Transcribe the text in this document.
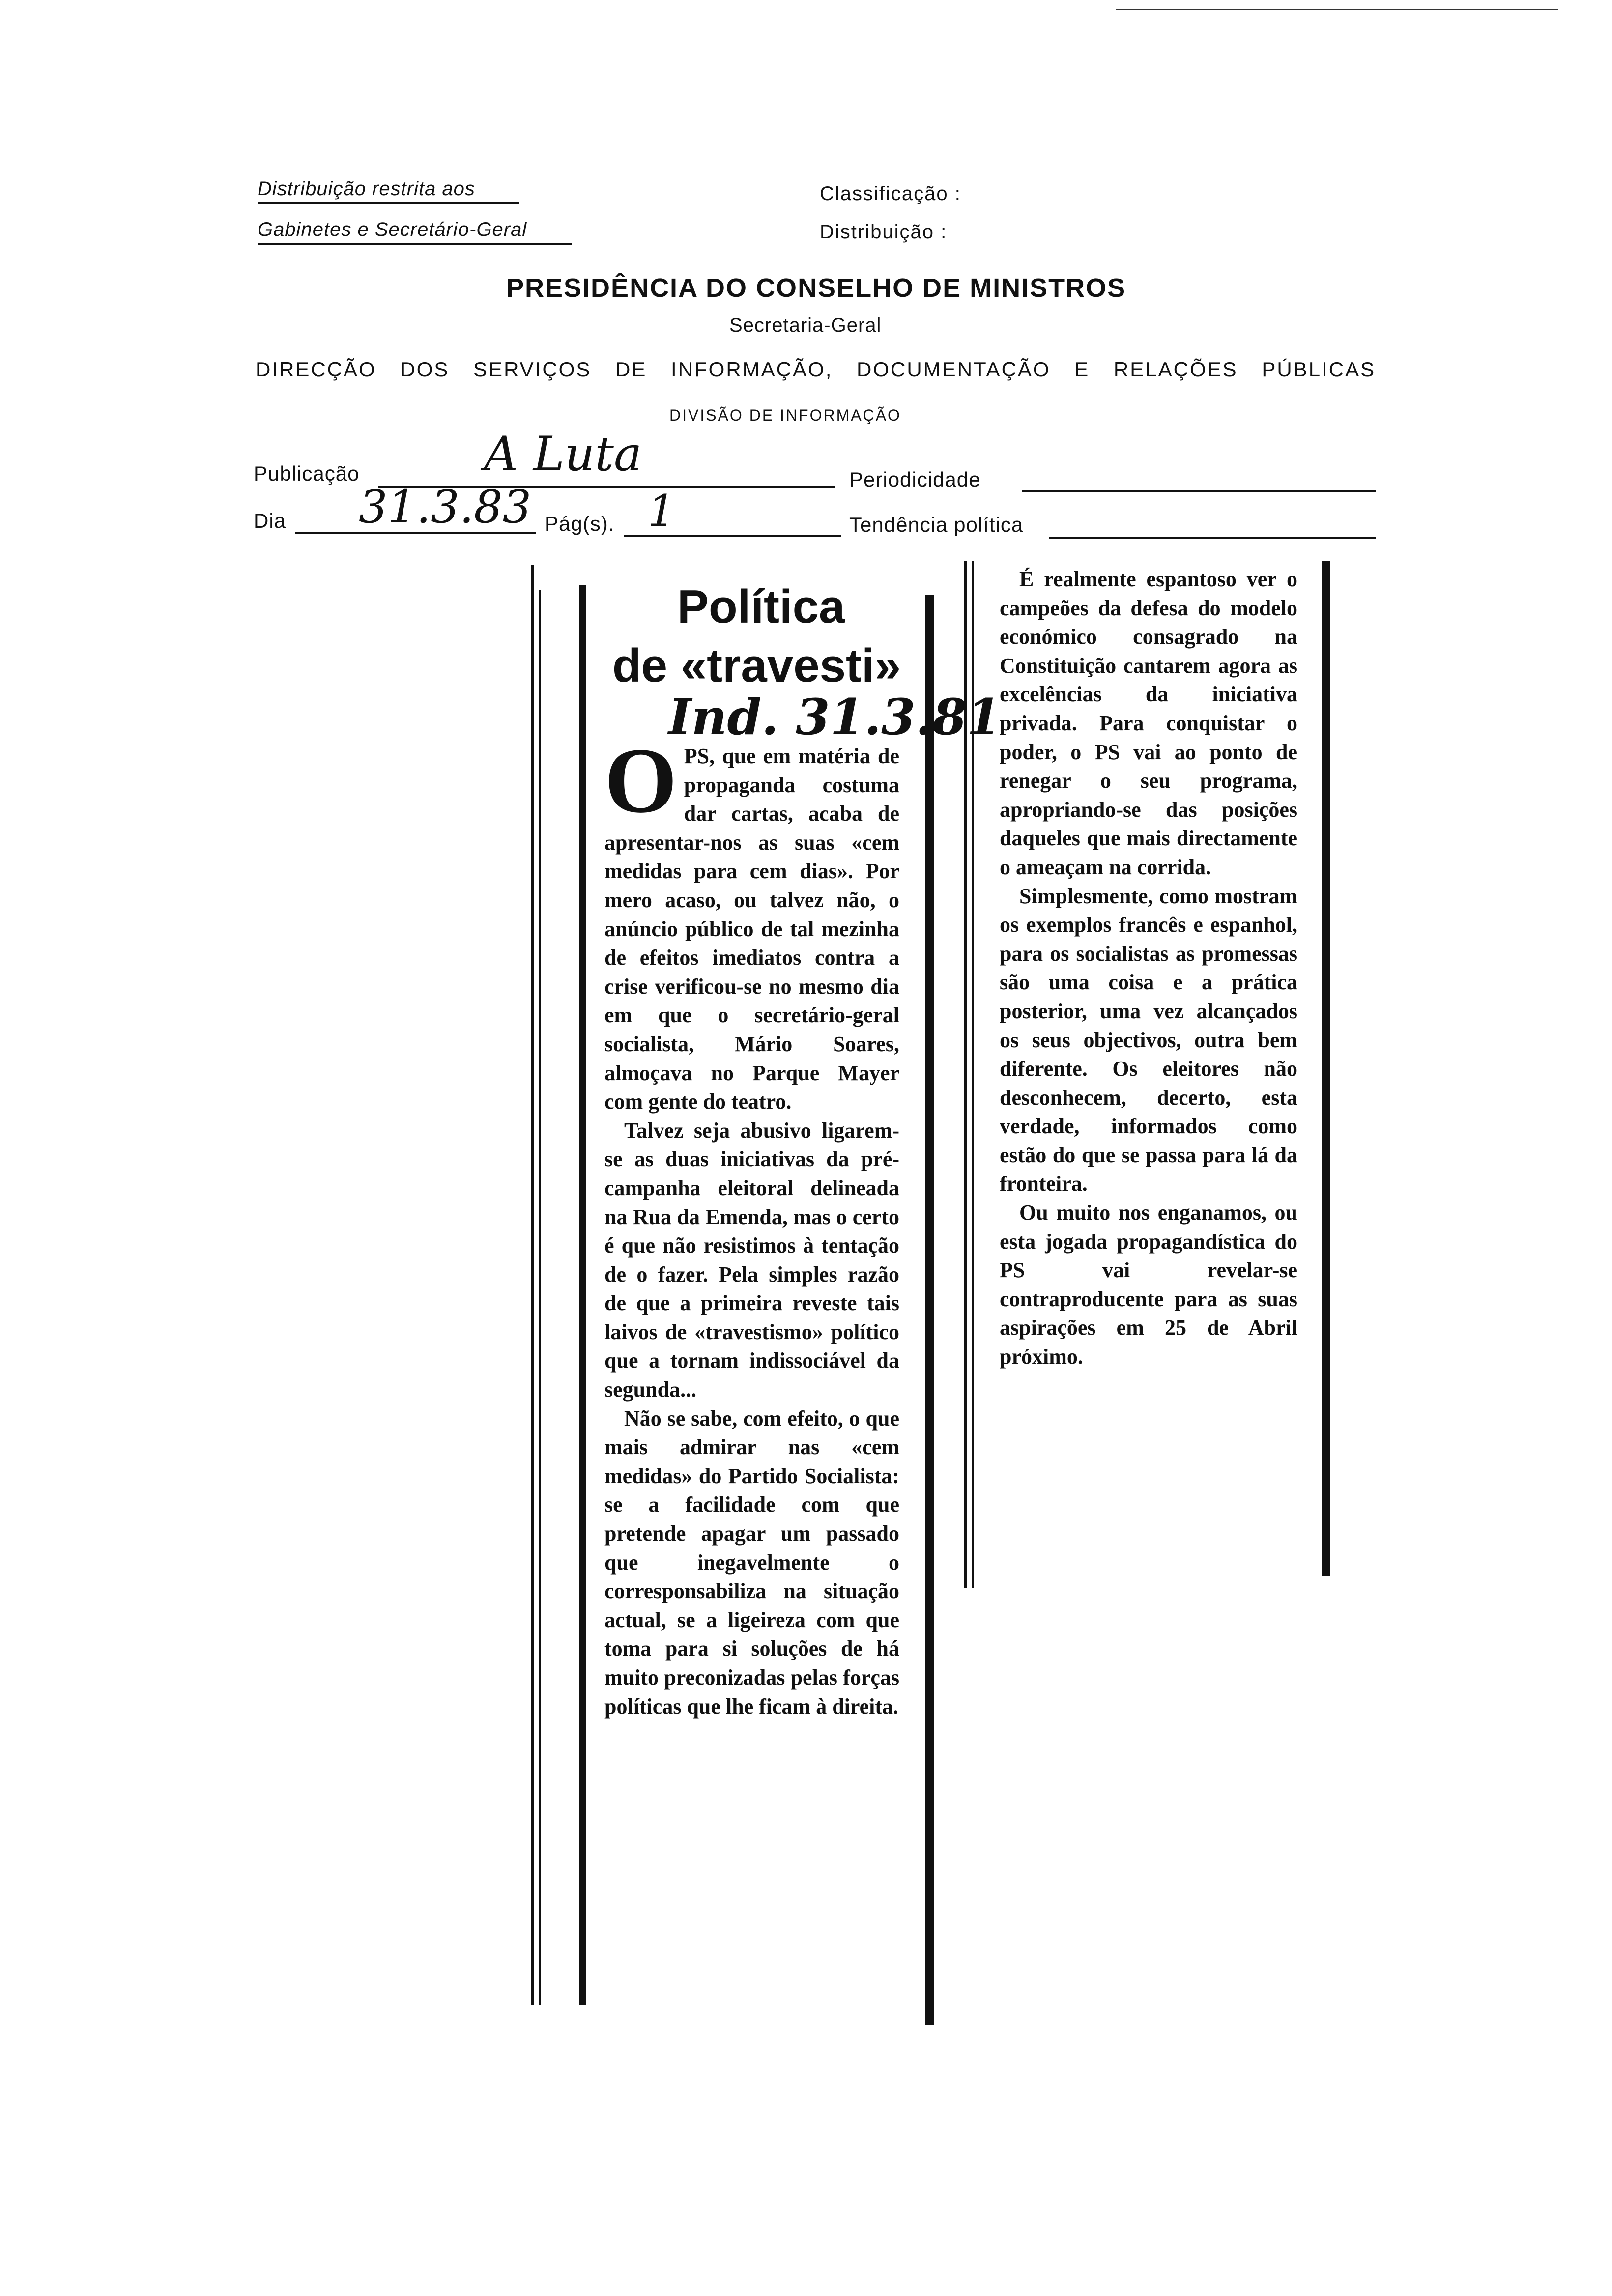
Distribuição restrita aos
Gabinetes e Secretário-Geral
Classificação :
Distribuição :
PRESIDÊNCIA DO CONSELHO DE MINISTROS
Secretaria-Geral
DIRECÇÃO DOS SERVIÇOS DE INFORMAÇÃO, DOCUMENTAÇÃO E RELAÇÕES PÚBLICAS
DIVISÃO DE INFORMAÇÃO
Publicação	A Luta	Periodicidade
Dia 31.3.83 Pág(s). 1	Tendência política
Política
de «travesti»
Ind. 31.3.81

OPS, que em matéria de propaganda costuma dar cartas, acaba de apresentar-nos as suas «cem medidas para cem dias». Por mero acaso, ou talvez não, o anúncio público de tal mezinha de efeitos imediatos contra a crise verificou-se no mesmo dia em que o secretário-geral socialista, Mário Soares, almoçava no Parque Mayer com gente do teatro.

Talvez seja abusivo ligarem-se as duas iniciativas da pré-campanha eleitoral delineada na Rua da Emenda, mas o certo é que não resistimos à tentação de o fazer. Pela simples razão de que a primeira reveste tais laivos de «travestismo» político que a tornam indissociável da segunda...

Não se sabe, com efeito, o que mais admirar nas «cem medidas» do Partido Socialista: se a facilidade com que pretende apagar um passado que inegavelmente o corresponsabiliza na situação actual, se a ligeireza com que toma para si soluções de há muito preconizadas pelas forças políticas que lhe ficam à direita.

É realmente espantoso ver o campeões da defesa do modelo económico consagrado na Constituição cantarem agora as excelências da iniciativa privada. Para conquistar o poder, o PS vai ao ponto de renegar o seu programa, apropriando-se das posições daqueles que mais directamente o ameaçam na corrida.

Simplesmente, como mostram os exemplos francês e espanhol, para os socialistas as promessas são uma coisa e a prática posterior, uma vez alcançados os seus objectivos, outra bem diferente. Os eleitores não desconhecem, decerto, esta verdade, informados como estão do que se passa para lá da fronteira.

Ou muito nos enganamos, ou esta jogada propagandística do PS vai revelar-se contraproducente para as suas aspirações em 25 de Abril próximo.
